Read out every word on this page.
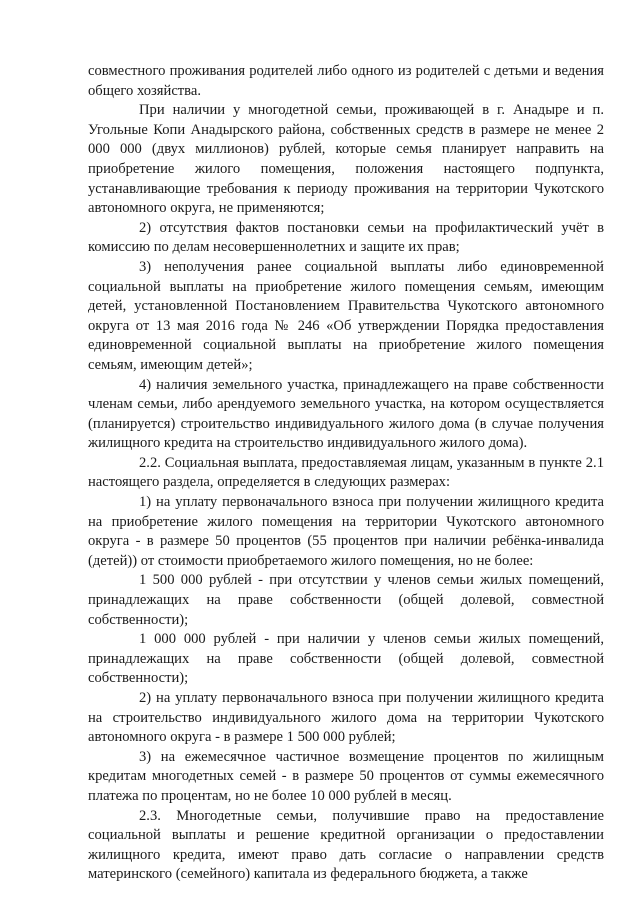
совместного проживания родителей либо одного из родителей с детьми и ведения общего хозяйства.

При наличии у многодетной семьи, проживающей в г. Анадыре и п. Угольные Копи Анадырского района, собственных средств в размере не менее 2 000 000 (двух миллионов) рублей, которые семья планирует направить на приобретение жилого помещения, положения настоящего подпункта, устанавливающие требования к периоду проживания на территории Чукотского автономного округа, не применяются;

2) отсутствия фактов постановки семьи на профилактический учёт в комиссию по делам несовершеннолетних и защите их прав;

3) неполучения ранее социальной выплаты либо единовременной социальной выплаты на приобретение жилого помещения семьям, имеющим детей, установленной Постановлением Правительства Чукотского автономного округа от 13 мая 2016 года № 246 «Об утверждении Порядка предоставления единовременной социальной выплаты на приобретение жилого помещения семьям, имеющим детей»;

4) наличия земельного участка, принадлежащего на праве собственности членам семьи, либо арендуемого земельного участка, на котором осуществляется (планируется) строительство индивидуального жилого дома (в случае получения жилищного кредита на строительство индивидуального жилого дома).

2.2. Социальная выплата, предоставляемая лицам, указанным в пункте 2.1 настоящего раздела, определяется в следующих размерах:

1) на уплату первоначального взноса при получении жилищного кредита на приобретение жилого помещения на территории Чукотского автономного округа - в размере 50 процентов (55 процентов при наличии ребёнка-инвалида (детей)) от стоимости приобретаемого жилого помещения, но не более:

1 500 000 рублей - при отсутствии у членов семьи жилых помещений, принадлежащих на праве собственности (общей долевой, совместной собственности);

1 000 000 рублей - при наличии у членов семьи жилых помещений, принадлежащих на праве собственности (общей долевой, совместной собственности);

2) на уплату первоначального взноса при получении жилищного кредита на строительство индивидуального жилого дома на территории Чукотского автономного округа - в размере 1 500 000 рублей;

3) на ежемесячное частичное возмещение процентов по жилищным кредитам многодетных семей - в размере 50 процентов от суммы ежемесячного платежа по процентам, но не более 10 000 рублей в месяц.

2.3. Многодетные семьи, получившие право на предоставление социальной выплаты и решение кредитной организации о предоставлении жилищного кредита, имеют право дать согласие о направлении средств материнского (семейного) капитала из федерального бюджета, а также
